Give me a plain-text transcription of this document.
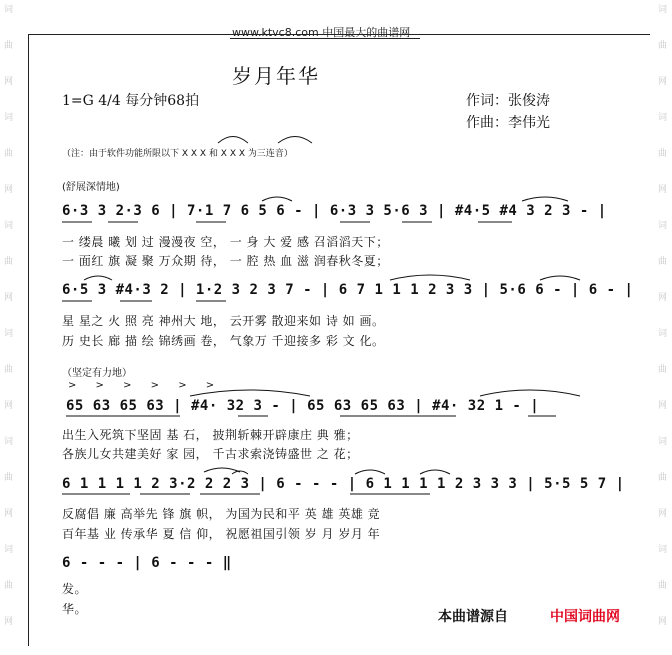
词
曲
网
词
曲
网
词
曲
网
词
曲
网
词
曲
网
词
曲
网
词
曲
网
词
曲
网
词
曲
网
词
曲
网
词
曲
网
词
曲
网
www.ktvc8.com 中国最大的曲谱网
岁月年华
1=G 4/4 每分钟68拍	作词：张俊涛
作曲：李伟光
（注：由于软件功能所限以下 X X X 和 X X X 为三连音）
(舒展深情地)
6·3 3 2·3 6 | 7·1 7 6 5 6 - | 6·3 3 5·6 3 | #4·5 #4 3 2 3 - |
一 缕晨 曦 划 过 漫漫夜 空， 一 身 大 爱 感 召滔滔天下；
一 面红 旗 凝 聚 万众期 待， 一 腔 热 血 滋 润春秋冬夏；
6·5 3 #4·3 2 | 1·2 3 2 3 7 - | 6 7 1 1 1 2 3 3 | 5·6 6 - | 6 - |
星 星之 火 照 亮 神州大 地， 云开雾 散迎来如 诗 如 画。
历 史长 廊 描 绘 锦绣画 卷， 气象万 千迎接多 彩 文 化。
（坚定有力地）
> > > > > >
65 63 65 63 | #4· 32 3 - | 65 63 65 63 | #4· 32 1 - |
出生入死筑下坚固 基 石， 披荆斩棘开辟康庄 典 雅；
各族儿女共建美好 家 园， 千古求索浇铸盛世 之 花；
6 1 1 1 1 2 3·2 2 2 3 | 6 - - - | 6 1 1 1 1 2 3 3 3 | 5·5 5 7 |
反腐倡 廉 高举先 锋 旗 帜， 为国为民和平 英 雄 英雄 竞
百年基 业 传承华 夏 信 仰， 祝愿祖国引领 岁 月 岁月 年
6 - - - | 6 - - - ‖
发。
华。	本曲谱源自	中国词曲网
